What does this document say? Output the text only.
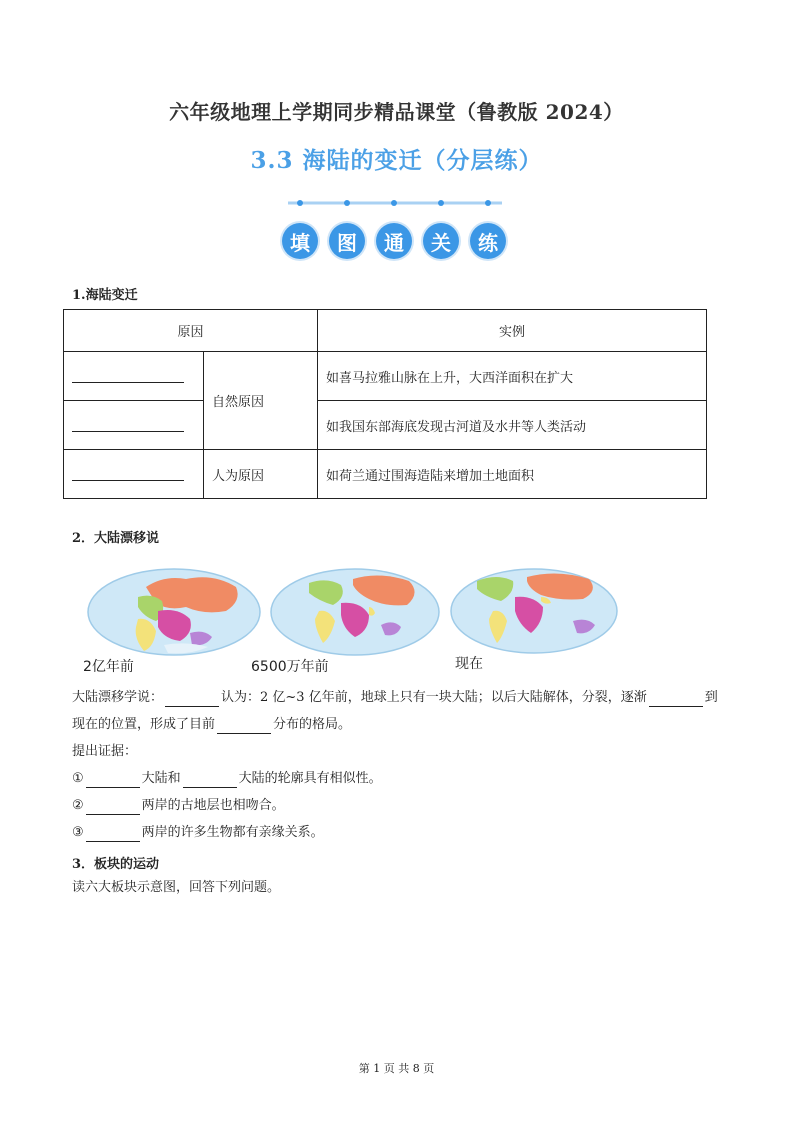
六年级地理上学期同步精品课堂（鲁教版 2024）
3.3 海陆的变迁（分层练）
填	图	通	关	练
1.海陆变迁
原因		实例

	自然原因	如喜马拉雅山脉在上升，大西洋面积在扩大

		如我国东部海底发现古河道及水井等人类活动

	人为原因	如荷兰通过围海造陆来增加土地面积
2．大陆漂移说
2亿年前	6500万年前	现在
大陆漂移学说：	认为：2 亿~3 亿年前，地球上只有一块大陆；以后大陆解体，分裂，逐渐	到
现在的位置，形成了目前	分布的格局。
提出证据：
①	大陆和	大陆的轮廓具有相似性。
②	两岸的古地层也相吻合。
③	两岸的许多生物都有亲缘关系。
3．板块的运动
读六大板块示意图，回答下列问题。
第 1 页 共 8 页
